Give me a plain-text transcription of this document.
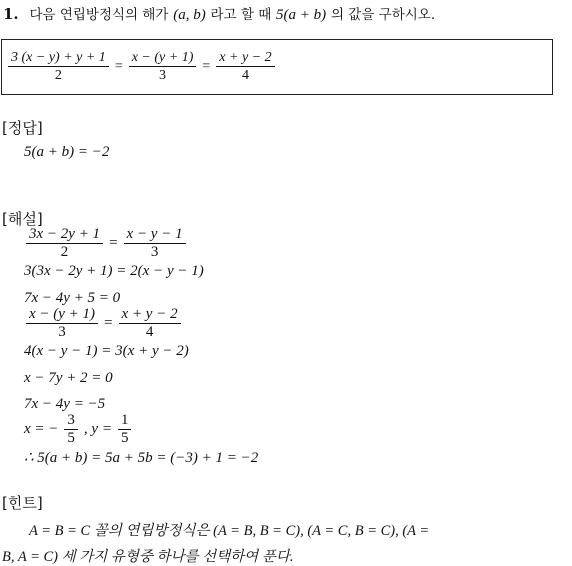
1. 다음 연립방정식의 해가 (a, b) 라고 할 때 5(a + b) 의 값을 구하시오.
$\frac{3 (x - y) + y + 1}{2} = \frac{x - (y + 1)}{3} = \frac{x + y - 2}{4}$
[정답]
5(a + b) = −2
[해설]
$\frac{3x - 2y + 1}{2} = \frac{x - y - 1}{3}$
3(3x − 2y + 1) = 2(x − y − 1)
7x − 4y + 5 = 0
$\frac{x - (y + 1)}{3} = \frac{x + y - 2}{4}$
4(x − y − 1) = 3(x + y − 2)
x − 7y + 2 = 0
7x − 4y = −5
x = − $\frac{3}{5}$ , $y = \frac{1}{5}$
∴ 5(a + b) = 5a + 5b = (−3) + 1 = −2
[힌트]
A = B = C 꼴의 연립방정식은 (A = B, B = C), (A = C, B = C), (A =
B, A = C) 세 가지 유형중 하나를 선택하여 푼다.
